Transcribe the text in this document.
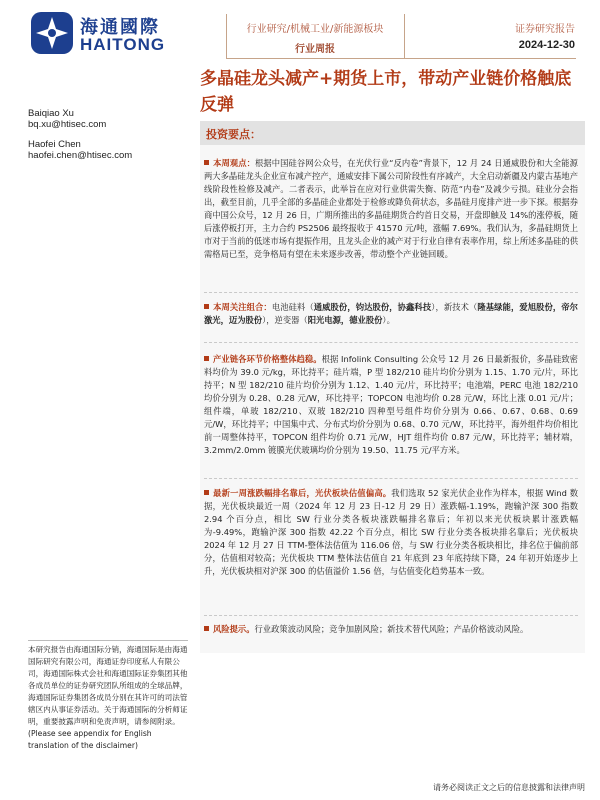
海通國際
HAITONG
行业研究/机械工业/新能源板块
行业周报
证券研究报告
2024-12-30
多晶硅龙头减产+期货上市，带动产业链价格触底反弹
Baiqiao Xu
bq.xu@htisec.com
Haofei Chen
haofei.chen@htisec.com
投资要点：
本周观点：根据中国硅谷网公众号，在光伏行业“反内卷”背景下，12 月 24 日通威股份和大全能源两大多晶硅龙头企业宣布减产控产，通威安排下属公司阶段性有序减产，大全启动新疆及内蒙古基地产线阶段性检修及减产。二者表示，此举旨在应对行业供需失衡、防范“内卷”及减少亏损。硅业分会指出，截至目前，几乎全部的多晶硅企业都处于检修或降负荷状态，多晶硅月度排产进一步下探。根据券商中国公众号，12 月 26 日，广期所推出的多晶硅期货合约首日交易，开盘即触及 14%的涨停板，随后涨停板打开，主力合约 PS2506 最终报收于 41570 元/吨，涨幅 7.69%。我们认为，多晶硅期货上市对于当前的低迷市场有提振作用，且龙头企业的减产对于行业自律有表率作用，综上所述多晶硅的供需格局已至，竞争格局有望在未来逐步改善，带动整个产业链回暖。
本周关注组合：电池硅料（通威股份，钧达股份，协鑫科技），新技术（隆基绿能，爱旭股份，帝尔激光，迈为股份），逆变器（阳光电源，德业股份）。
产业链各环节价格整体趋稳。根据 Infolink Consulting 公众号 12 月 26 日最新报价，多晶硅致密料均价为 39.0 元/kg，环比持平；硅片端，P 型 182/210 硅片均价分别为 1.15、1.70 元/片，环比持平；N 型 182/210 硅片均价分别为 1.12、1.40 元/片，环比持平；电池端，PERC 电池 182/210 均价分别为 0.28、0.28 元/W，环比持平；TOPCON 电池均价 0.28 元/W，环比上涨 0.01 元/片；组件端，单玻 182/210、双玻 182/210 四种型号组件均价分别为 0.66、0.67、0.68、0.69 元/W，环比持平；中国集中式、分布式均价分别为 0.68、0.70 元/W，环比持平，海外组件均价相比前一周整体持平，TOPCON 组件均价 0.71 元/W，HJT 组件均价 0.87 元/W，环比持平；辅材端，3.2mm/2.0mm 镀膜光伏玻璃均价分别为 19.50、11.75 元/平方米。
最新一周涨跌幅排名靠后，光伏板块估值偏高。我们选取 52 家光伏企业作为样本，根据 Wind 数据，光伏板块最近一周（2024 年 12 月 23 日-12 月 29 日）涨跌幅-1.19%，跑输沪深 300 指数 2.94 个百分点，相比 SW 行业分类各板块涨跌幅排名靠后；年初以来光伏板块累计涨跌幅为-9.49%，跑输沪深 300 指数 42.22 个百分点，相比 SW 行业分类各板块排名靠后；光伏板块 2024 年 12 月 27 日 TTM-整体法估值为 116.06 倍，与 SW 行业分类各板块相比，排名位于偏前部分，估值相对较高；光伏板块 TTM 整体法估值自 21 年底到 23 年底持续下降，24 年初开始逐步上升，光伏板块相对沪深 300 的估值溢价 1.56 倍，与估值变化趋势基本一致。
风险提示。行业政策波动风险；竞争加剧风险；新技术替代风险；产品价格波动风险。
本研究报告由海通国际分销，海通国际是由海通国际研究有限公司，海通证券印度私人有限公司，海通国际株式会社和海通国际证券集团其他各成员单位的证券研究团队所组成的全球品牌，海通国际证券集团各成员分别在其许可的司法管辖区内从事证券活动。关于海通国际的分析师证明，重要披露声明和免责声明，请参阅附录。(Please see appendix for English translation of the disclaimer)
请务必阅读正文之后的信息披露和法律声明
